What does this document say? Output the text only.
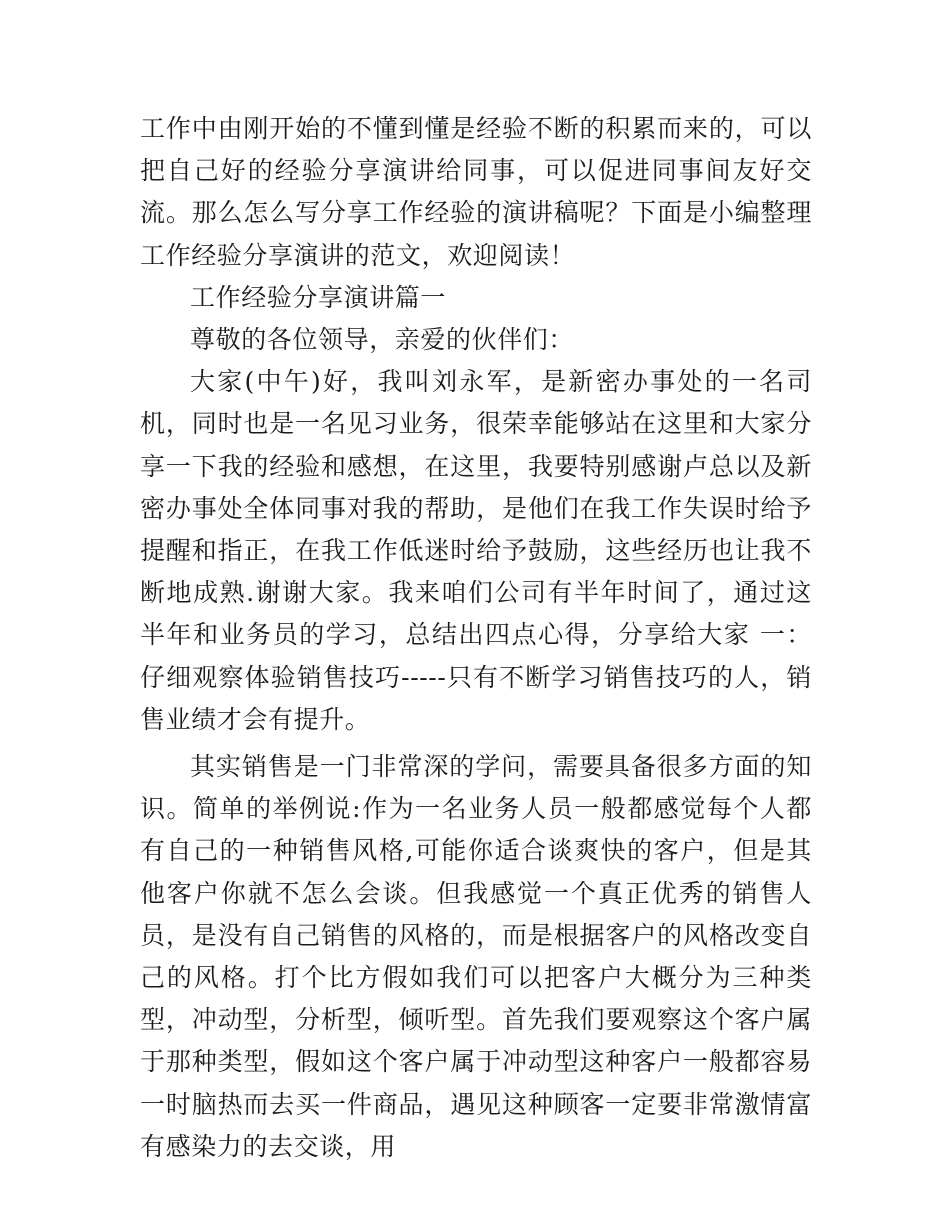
工作中由刚开始的不懂到懂是经验不断的积累而来的，可以把自己好的经验分享演讲给同事，可以促进同事间友好交流。那么怎么写分享工作经验的演讲稿呢？下面是小编整理工作经验分享演讲的范文，欢迎阅读！

工作经验分享演讲篇一

尊敬的各位领导，亲爱的伙伴们：

大家(中午)好，我叫刘永军，是新密办事处的一名司机，同时也是一名见习业务，很荣幸能够站在这里和大家分享一下我的经验和感想，在这里，我要特别感谢卢总以及新密办事处全体同事对我的帮助，是他们在我工作失误时给予提醒和指正，在我工作低迷时给予鼓励，这些经历也让我不断地成熟.谢谢大家。我来咱们公司有半年时间了，通过这半年和业务员的学习，总结出四点心得，分享给大家 一：仔细观察体验销售技巧-----只有不断学习销售技巧的人，销售业绩才会有提升。

其实销售是一门非常深的学问，需要具备很多方面的知识。简单的举例说:作为一名业务人员一般都感觉每个人都有自己的一种销售风格,可能你适合谈爽快的客户，但是其他客户你就不怎么会谈。但我感觉一个真正优秀的销售人员，是没有自己销售的风格的，而是根据客户的风格改变自己的风格。打个比方假如我们可以把客户大概分为三种类型，冲动型，分析型，倾听型。首先我们要观察这个客户属于那种类型，假如这个客户属于冲动型这种客户一般都容易一时脑热而去买一件商品，遇见这种顾客一定要非常激情富有感染力的去交谈，用
